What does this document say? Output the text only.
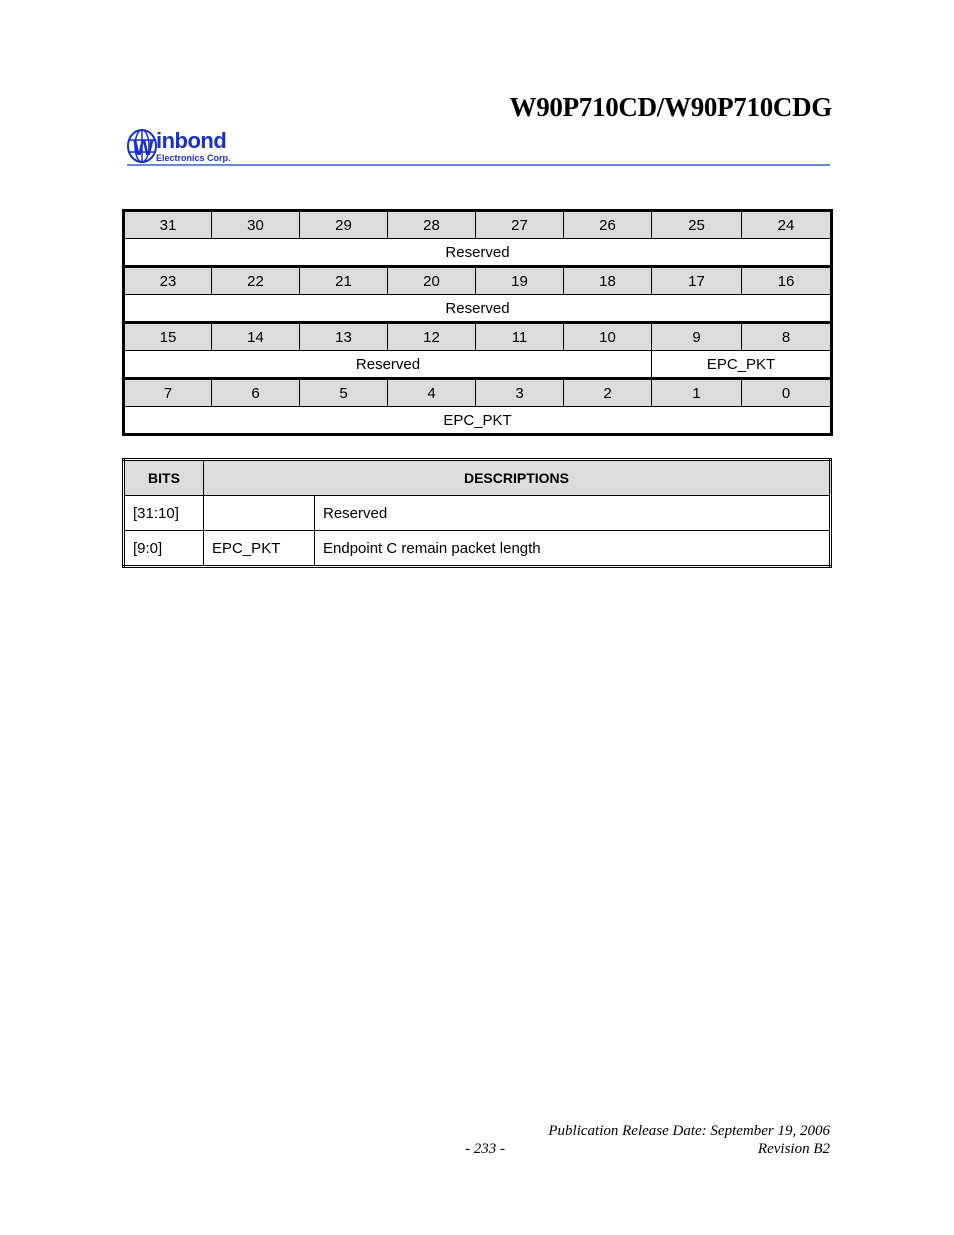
W90P710CD/W90P710CDG
W inbond
Electronics Corp.
31	30	29	28	27	26	25	24
Reserved							
23	22	21	20	19	18	17	16
Reserved							
15	14	13	12	11	10	9	8
Reserved						EPC_PKT	
7	6	5	4	3	2	1	0
EPC_PKT							
BITS	DESCRIPTIONS	
[31:10]		Reserved
[9:0]	EPC_PKT	Endpoint C remain packet length
Publication Release Date: September 19, 2006
- 233 -	Revision B2
